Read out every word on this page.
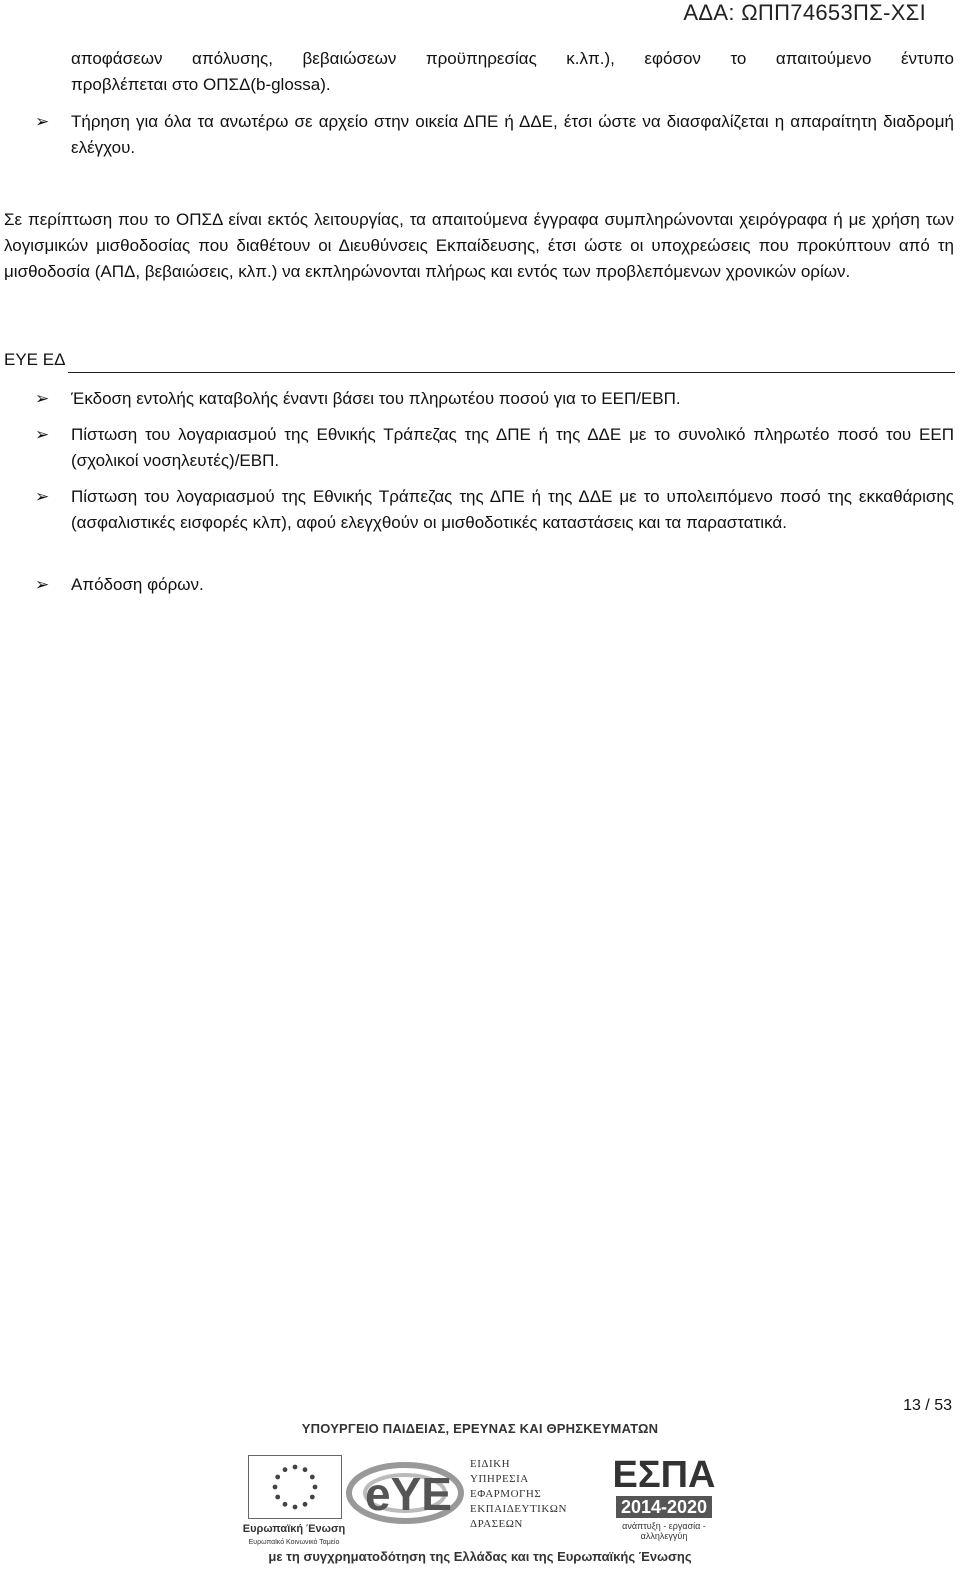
ΑΔΑ: ΩΠΠ74653ΠΣ-ΧΣΙ
αποφάσεων απόλυσης, βεβαιώσεων προϋπηρεσίας κ.λπ.), εφόσον το απαιτούμενο έντυπο
προβλέπεται στο ΟΠΣΔ(b-glossa).
➢	Τήρηση για όλα τα ανωτέρω σε αρχείο στην οικεία ΔΠΕ ή ΔΔΕ, έτσι ώστε να διασφαλίζεται η απαραίτητη διαδρομή ελέγχου.
Σε περίπτωση που το ΟΠΣΔ είναι εκτός λειτουργίας, τα απαιτούμενα έγγραφα συμπληρώνονται χειρόγραφα ή με χρήση των λογισμικών μισθοδοσίας που διαθέτουν οι Διευθύνσεις Εκπαίδευσης, έτσι ώστε οι υποχρεώσεις που προκύπτουν από τη μισθοδοσία (ΑΠΔ, βεβαιώσεις, κλπ.) να εκπληρώνονται πλήρως και εντός των προβλεπόμενων χρονικών ορίων.
ΕΥΕ ΕΔ
➢	Έκδοση εντολής καταβολής έναντι βάσει του πληρωτέου ποσού για το ΕΕΠ/ΕΒΠ.
➢	Πίστωση του λογαριασμού της Εθνικής Τράπεζας της ΔΠΕ ή της ΔΔΕ με το συνολικό πληρωτέο ποσό του ΕΕΠ (σχολικοί νοσηλευτές)/ΕΒΠ.
➢	Πίστωση του λογαριασμού της Εθνικής Τράπεζας της ΔΠΕ ή της ΔΔΕ με το υπολειπόμενο ποσό της εκκαθάρισης (ασφαλιστικές εισφορές κλπ), αφού ελεγχθούν οι μισθοδοτικές καταστάσεις και τα παραστατικά.
➢	Απόδοση φόρων.
13 / 53
ΥΠΟΥΡΓΕΙΟ ΠΑΙΔΕΙΑΣ, ΕΡΕΥΝΑΣ ΚΑΙ ΘΡΗΣΚΕΥΜΑΤΩΝ
Ευρωπαϊκή Ένωση
Ευρωπαϊκό Κοινωνικό Ταμείο
eYE
ΕΙΔΙΚΗ
ΥΠΗΡΕΣΙΑ
ΕΦΑΡΜΟΓΗΣ
ΕΚΠΑΙΔΕΥΤΙΚΩΝ
ΔΡΑΣΕΩΝ
ΕΣΠΑ
2014-2020
ανάπτυξη - εργασία - αλληλεγγύη
με τη συγχρηματοδότηση της Ελλάδας και της Ευρωπαϊκής Ένωσης
